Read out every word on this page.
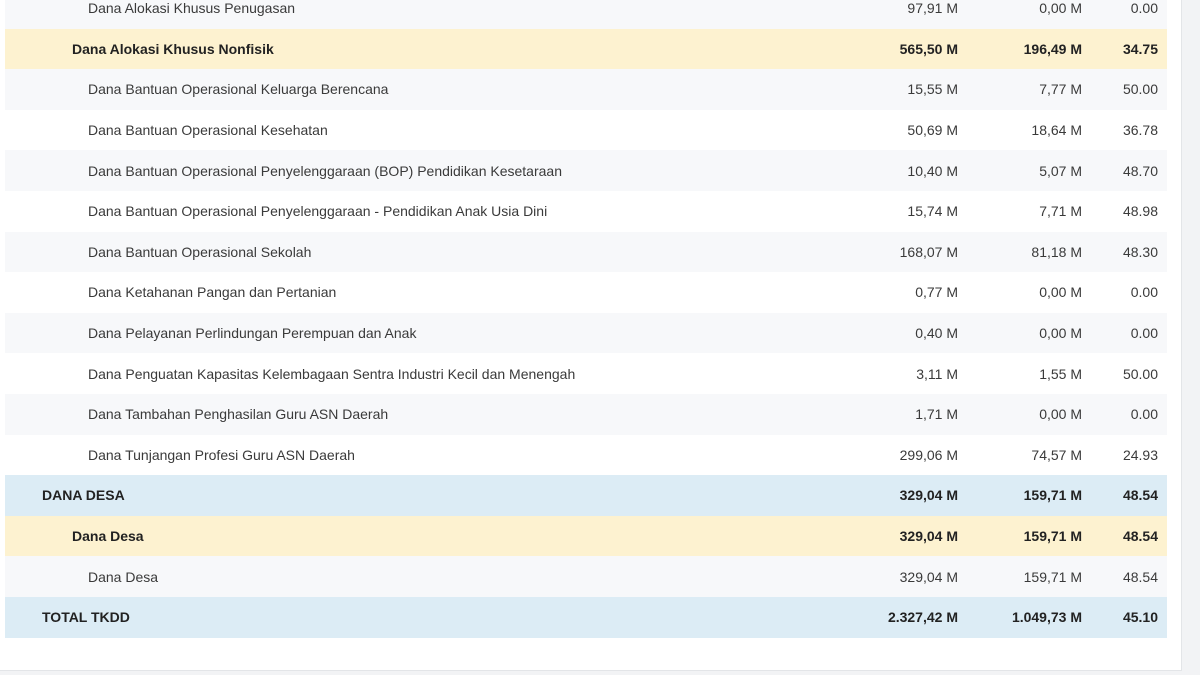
Dana Alokasi Khusus Penugasan	97,91 M	0,00 M	0.00
Dana Alokasi Khusus Nonfisik	565,50 M	196,49 M	34.75
Dana Bantuan Operasional Keluarga Berencana	15,55 M	7,77 M	50.00
Dana Bantuan Operasional Kesehatan	50,69 M	18,64 M	36.78
Dana Bantuan Operasional Penyelenggaraan (BOP) Pendidikan Kesetaraan	10,40 M	5,07 M	48.70
Dana Bantuan Operasional Penyelenggaraan - Pendidikan Anak Usia Dini	15,74 M	7,71 M	48.98
Dana Bantuan Operasional Sekolah	168,07 M	81,18 M	48.30
Dana Ketahanan Pangan dan Pertanian	0,77 M	0,00 M	0.00
Dana Pelayanan Perlindungan Perempuan dan Anak	0,40 M	0,00 M	0.00
Dana Penguatan Kapasitas Kelembagaan Sentra Industri Kecil dan Menengah	3,11 M	1,55 M	50.00
Dana Tambahan Penghasilan Guru ASN Daerah	1,71 M	0,00 M	0.00
Dana Tunjangan Profesi Guru ASN Daerah	299,06 M	74,57 M	24.93
DANA DESA	329,04 M	159,71 M	48.54
Dana Desa	329,04 M	159,71 M	48.54
Dana Desa	329,04 M	159,71 M	48.54
TOTAL TKDD	2.327,42 M	1.049,73 M	45.10
